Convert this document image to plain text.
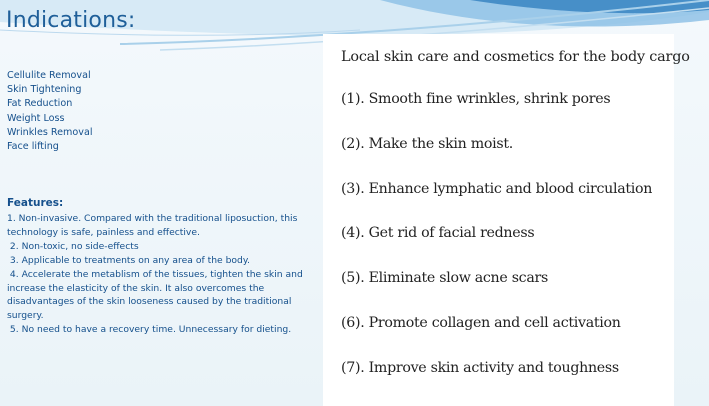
Indications:
Cellulite Removal
Skin Tightening
Fat Reduction
Weight Loss
Wrinkles Removal
Face lifting
Features:
1. Non-invasive. Compared with the traditional liposuction, this technology is safe, painless and effective.
2. Non-toxic, no side-effects
3. Applicable to treatments on any area of the body.
4. Accelerate the metablism of the tissues, tighten the skin and increase the elasticity of the skin. It also overcomes the disadvantages of the skin looseness caused by the traditional surgery.
5. No need to have a recovery time. Unnecessary for dieting.
Local skin care and cosmetics for the body cargo
(1). Smooth fine wrinkles, shrink pores
(2). Make the skin moist.
(3). Enhance lymphatic and blood circulation
(4). Get rid of facial redness
(5). Eliminate slow acne scars
(6). Promote collagen and cell activation
(7). Improve skin activity and toughness
